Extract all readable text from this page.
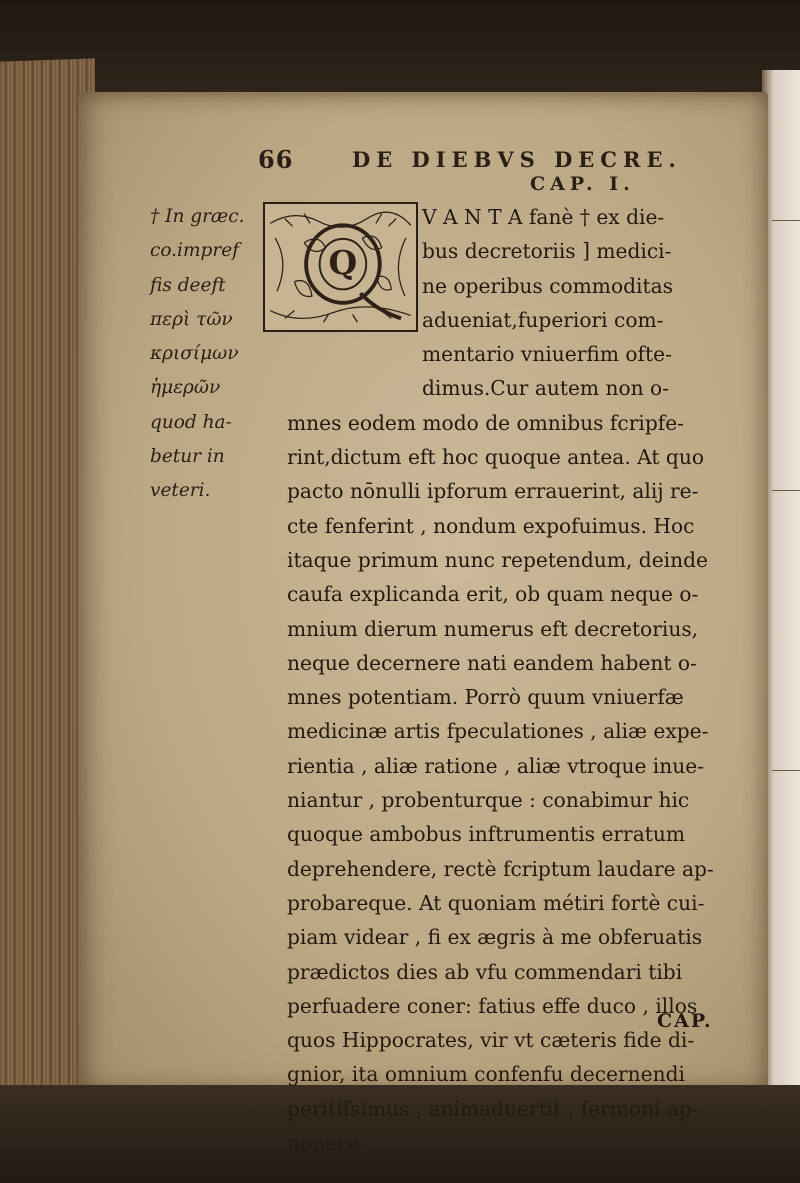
66	DE DIEBVS DECRE.
CAP. I.
† In græc.
co.impref
fis deeft
περὶ τῶν
κρισίμων
ἡμερῶν
quod ha-
betur in
veteri.
V A N T A fanè † ex die-
bus decretoriis ] medici-
ne operibus commoditas
adueniat,fuperiori com-
mentario vniuerfim ofte-
dimus.Cur autem non o-
mnes eodem modo de omnibus fcripfe-
rint,dictum eft hoc quoque antea. At quo
pacto nōnulli ipforum errauerint, alij re-
cte fenferint , nondum expofuimus. Hoc
itaque primum nunc repetendum, deinde
caufa explicanda erit, ob quam neque o-
mnium dierum numerus eft decretorius,
neque decernere nati eandem habent o-
mnes potentiam. Porrò quum vniuerfæ
medicinæ artis fpeculationes , aliæ expe-
rientia , aliæ ratione , aliæ vtroque inue-
niantur , probenturque : conabimur hic
quoque ambobus inftrumentis erratum
deprehendere, rectè fcriptum laudare ap-
probareque. At quoniam métiri fortè cui-
piam videar , fi ex ægris à me obferuatis
prædictos dies ab vfu commendari tibi
perfuadere coner: fatius effe duco , illos
quos Hippocrates, vir vt cæteris fide di-
gnior, ita omnium confenfu decernendi
peritifsimus , animaduertit , fermoni ap-
ponere.
Q
CAP.
